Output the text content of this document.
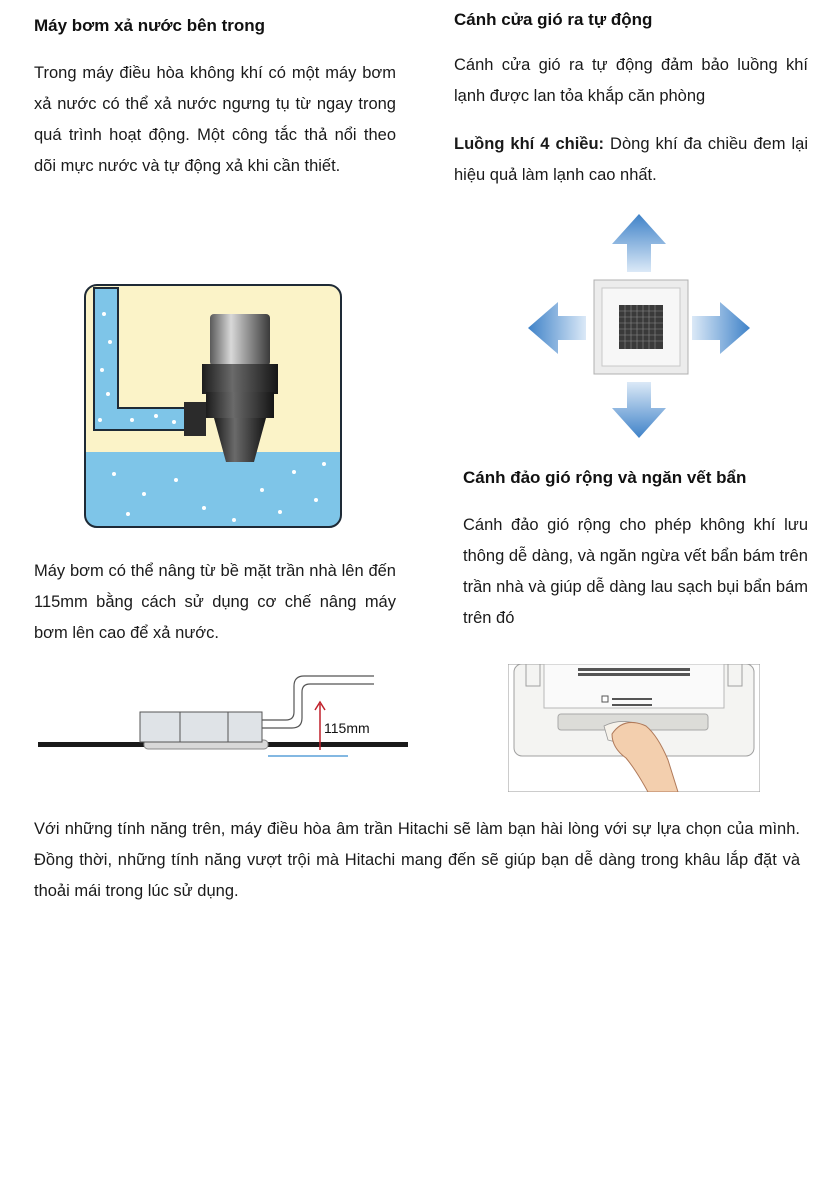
Máy bơm xả nước bên trong
Trong máy điều hòa không khí có một máy bơm xả nước có thể xả nước ngưng tụ từ ngay trong quá trình hoạt động. Một công tắc thả nổi theo dõi mực nước và tự động xả khi cần thiết.
Máy bơm có thể nâng từ bề mặt trần nhà lên đến 115mm bằng cách sử dụng cơ chế nâng máy bơm lên cao để xả nước.
115mm
Cánh cửa gió ra tự động
Cánh cửa gió ra tự động đảm bảo luồng khí lạnh được lan tỏa khắp căn phòng
Luồng khí 4 chiều: Dòng khí đa chiều đem lại hiệu quả làm lạnh cao nhất.
Cánh đảo gió rộng và ngăn vết bẩn
Cánh đảo gió rộng cho phép không khí lưu thông dễ dàng, và ngăn ngừa vết bẩn bám trên trần nhà và giúp dễ dàng lau sạch bụi bẩn bám trên đó
Với những tính năng trên, máy điều hòa âm trần Hitachi sẽ làm bạn hài lòng với sự lựa chọn của mình. Đồng thời, những tính năng vượt trội mà Hitachi mang đến sẽ giúp bạn dễ dàng trong khâu lắp đặt và thoải mái trong lúc sử dụng.
